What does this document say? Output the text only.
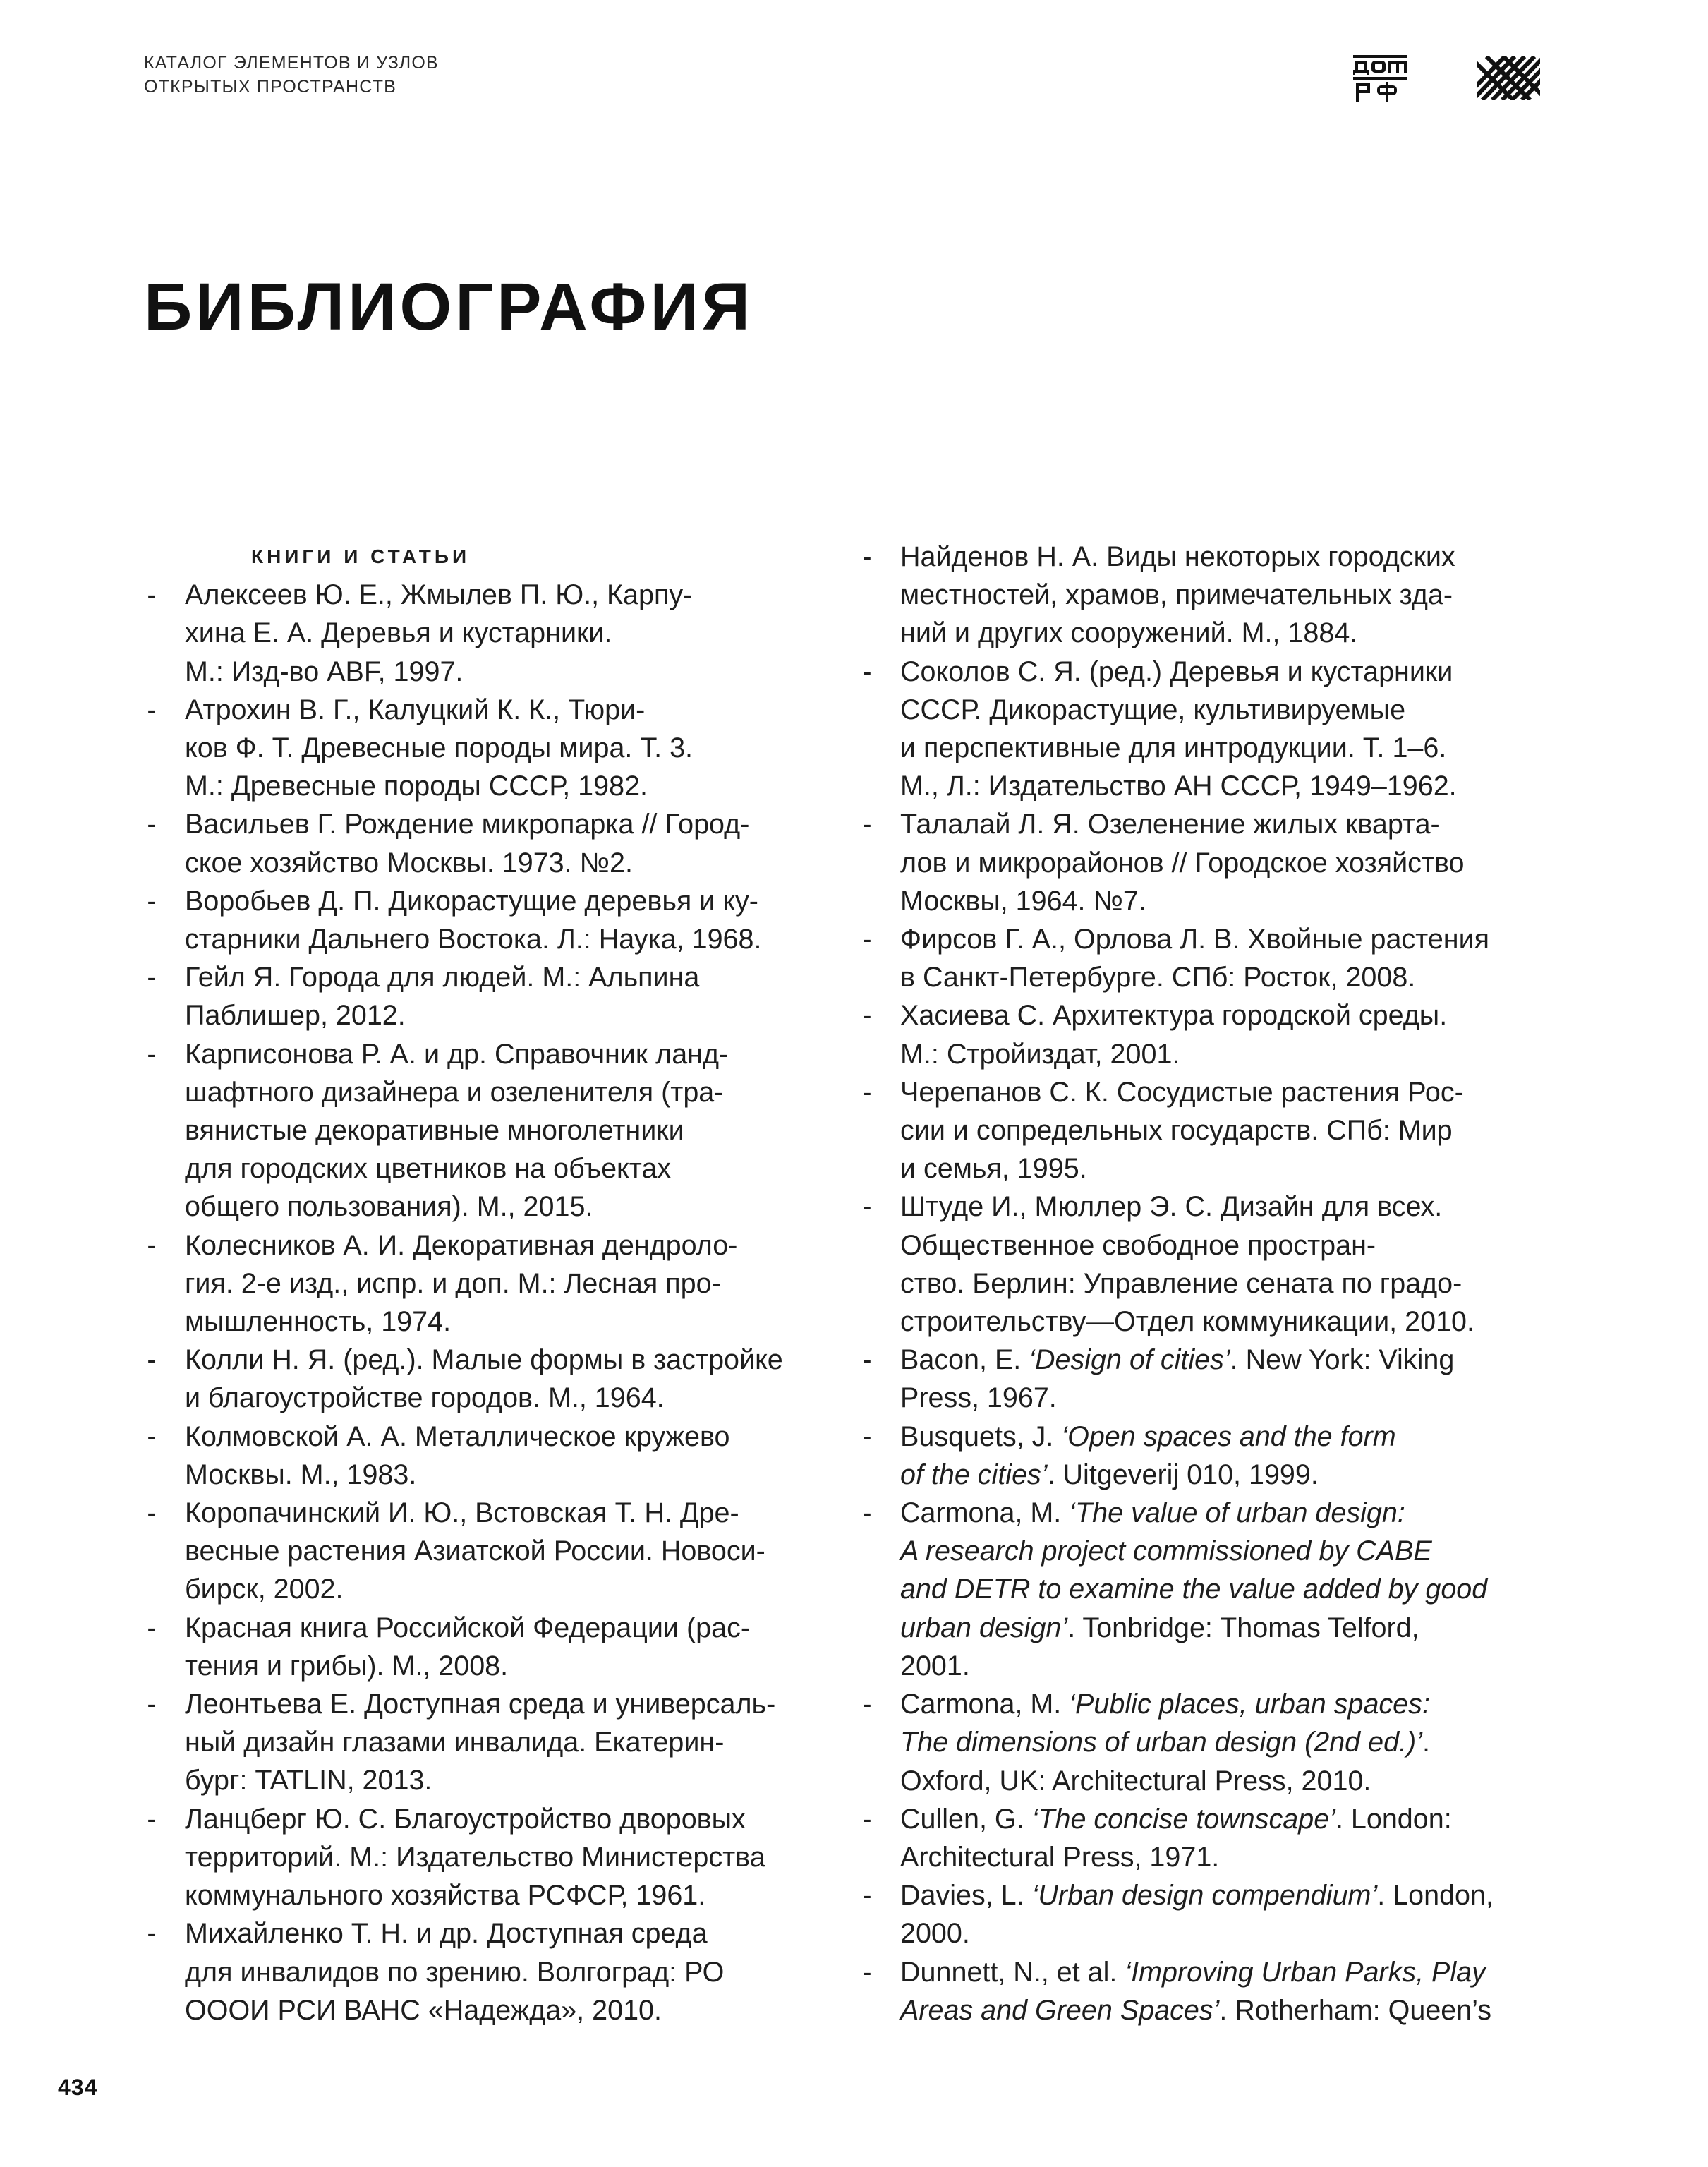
КАТАЛОГ ЭЛЕМЕНТОВ И УЗЛОВ
ОТКРЫТЫХ ПРОСТРАНСТВ
БИБЛИОГРАФИЯ
КНИГИ И СТАТЬИ
- Алексеев Ю. Е., Жмылев П. Ю., Карпу-
хина Е. А. Деревья и кустарники.
М.: Изд-во ABF, 1997.
- Атрохин В. Г., Калуцкий К. К., Тюри-
ков Ф. Т. Древесные породы мира. Т. 3.
М.: Древесные породы СССР, 1982.
- Васильев Г. Рождение микропарка // Город-
ское хозяйство Москвы. 1973. №2.
- Воробьев Д. П. Дикорастущие деревья и ку-
старники Дальнего Востока. Л.: Наука, 1968.
- Гейл Я. Города для людей. М.: Альпина
Паблишер, 2012.
- Карписонова Р. А. и др. Справочник ланд-
шафтного дизайнера и озеленителя (тра-
вянистые декоративные многолетники
для городских цветников на объектах
общего пользования). М., 2015.
- Колесников А. И. Декоративная дендроло-
гия. 2-е изд., испр. и доп. М.: Лесная про-
мышленность, 1974.
- Колли Н. Я. (ред.). Малые формы в застройке
и благоустройстве городов. М., 1964.
- Колмовской А. А. Металлическое кружево
Москвы. М., 1983.
- Коропачинский И. Ю., Встовская Т. Н. Дре-
весные растения Азиатской России. Новоси-
бирск, 2002.
- Красная книга Российской Федерации (рас-
тения и грибы). М., 2008.
- Леонтьева Е. Доступная среда и универсаль-
ный дизайн глазами инвалида. Екатерин-
бург: TATLIN, 2013.
- Ланцберг Ю. С. Благоустройство дворовых
территорий. М.: Издательство Министерства
коммунального хозяйства РСФСР, 1961.
- Михайленко Т. Н. и др. Доступная среда
для инвалидов по зрению. Волгоград: РО
ОООИ РСИ ВАНС «Надежда», 2010.
- Найденов Н. А. Виды некоторых городских
местностей, храмов, примечательных зда-
ний и других сооружений. М., 1884.
- Соколов С. Я. (ред.) Деревья и кустарники
СССР. Дикорастущие, культивируемые
и перспективные для интродукции. Т. 1–6.
М., Л.: Издательство АН СССР, 1949–1962.
- Талалай Л. Я. Озеленение жилых кварта-
лов и микрорайонов // Городское хозяйство
Москвы, 1964. №7.
- Фирсов Г. А., Орлова Л. В. Хвойные растения
в Санкт-Петербурге. СПб: Росток, 2008.
- Хасиева С. Архитектура городской среды.
М.: Стройиздат, 2001.
- Черепанов С. К. Сосудистые растения Рос-
сии и сопредельных государств. СПб: Мир
и семья, 1995.
- Штуде И., Мюллер Э. С. Дизайн для всех.
Общественное свободное простран-
ство. Берлин: Управление сената по градо-
строительству—Отдел коммуникации, 2010.
- Bacon, E. ‘Design of cities’. New York: Viking
Press, 1967.
- Busquets, J. ‘Open spaces and the form
of the cities’. Uitgeverij 010, 1999.
- Carmona, M. ‘The value of urban design:
A research project commissioned by CABE
and DETR to examine the value added by good
urban design’. Tonbridge: Thomas Telford,
2001.
- Carmona, M. ‘Public places, urban spaces:
The dimensions of urban design (2nd ed.)’.
Oxford, UK: Architectural Press, 2010.
- Cullen, G. ‘The concise townscape’. London:
Architectural Press, 1971.
- Davies, L. ‘Urban design compendium’. London,
2000.
- Dunnett, N., et al. ‘Improving Urban Parks, Play
Areas and Green Spaces’. Rotherham: Queen’s
434
